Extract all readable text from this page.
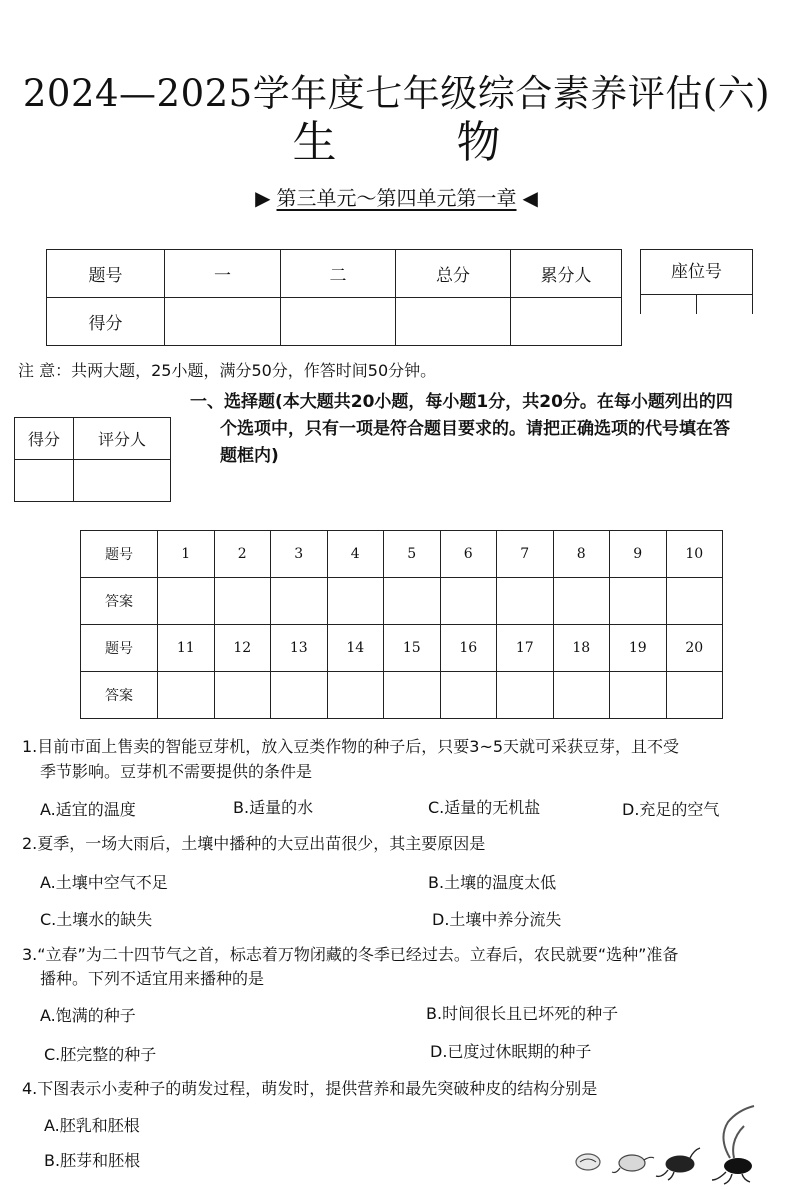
2024—2025学年度七年级综合素养评估(六)
生物
▶ 第三单元～第四单元第一章 ◀
题号	一	二	总分	累分人
得分				
座位号
注 意：共两大题，25小题，满分50分，作答时间50分钟。
得分	评分人

一、选择题(本大题共20小题，每小题1分，共20分。在每小题列出的四
个选项中，只有一项是符合题目要求的。请把正确选项的代号填在答
题框内)
题号	1	2	3	4	5	6	7	8	9	10
答案										
题号	11	12	13	14	15	16	17	18	19	20
答案										
1.目前市面上售卖的智能豆芽机，放入豆类作物的种子后，只要3~5天就可采获豆芽，且不受
季节影响。豆芽机不需要提供的条件是
A.适宜的温度	B.适量的水	C.适量的无机盐	D.充足的空气
2.夏季，一场大雨后，土壤中播种的大豆出苗很少，其主要原因是
A.土壤中空气不足	B.土壤的温度太低
C.土壤水的缺失	D.土壤中养分流失
3.“立春”为二十四节气之首，标志着万物闭藏的冬季已经过去。立春后，农民就要“选种”准备
播种。下列不适宜用来播种的是
A.饱满的种子	B.时间很长且已坏死的种子
C.胚完整的种子	D.已度过休眠期的种子
4.下图表示小麦种子的萌发过程，萌发时，提供营养和最先突破种皮的结构分别是
A.胚乳和胚根
B.胚芽和胚根
